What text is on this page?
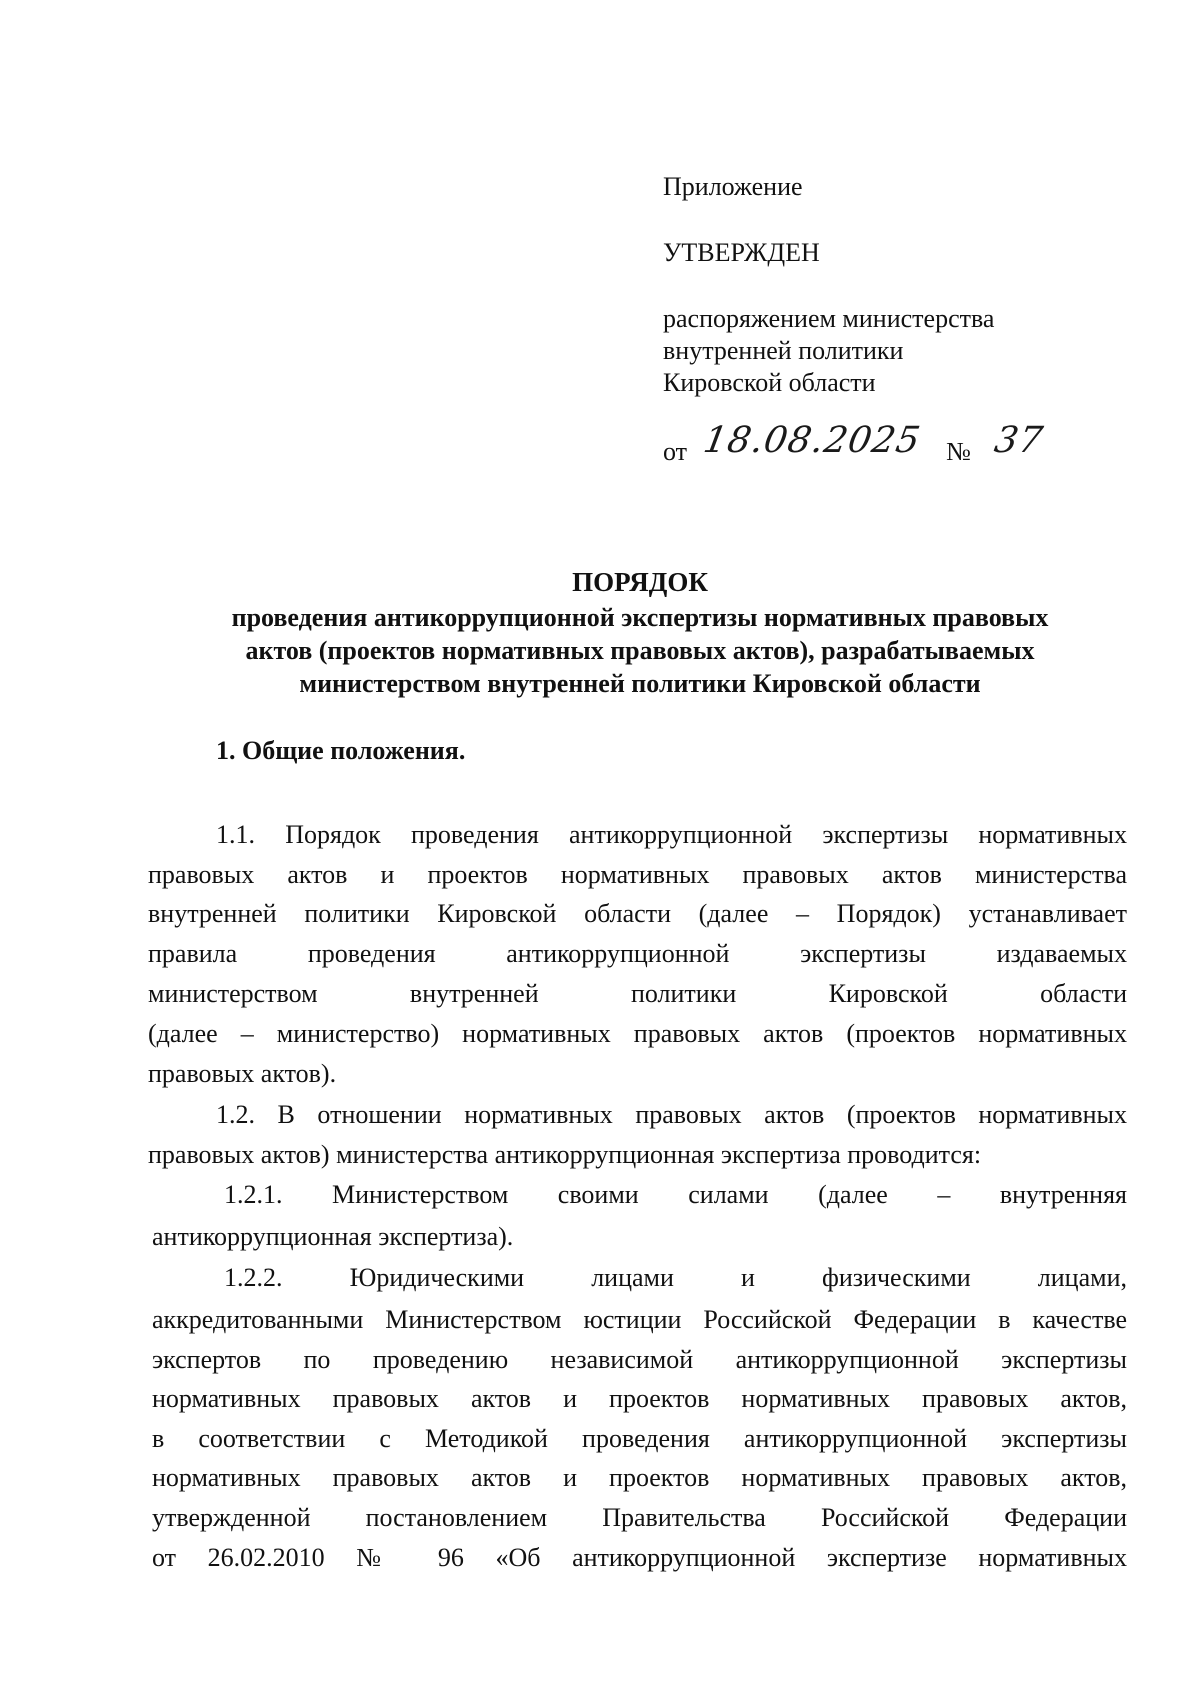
Приложение
УТВЕРЖДЕН
распоряжением министерства
внутренней политики
Кировской области
от 18.08.2025 № 37
ПОРЯДОК
проведения антикоррупционной экспертизы нормативных правовых
актов (проектов нормативных правовых актов), разрабатываемых
министерством внутренней политики Кировской области
1. Общие положения.
1.1. Порядок проведения антикоррупционной экспертизы нормативных
правовых актов и проектов нормативных правовых актов министерства
внутренней политики Кировской области (далее – Порядок) устанавливает
правила проведения антикоррупционной экспертизы издаваемых
министерством внутренней политики Кировской области
(далее – министерство) нормативных правовых актов (проектов нормативных
правовых актов).
1.2. В отношении нормативных правовых актов (проектов нормативных
правовых актов) министерства антикоррупционная экспертиза проводится:
1.2.1. Министерством своими силами (далее – внутренняя
антикоррупционная экспертиза).
1.2.2. Юридическими лицами и физическими лицами,
аккредитованными Министерством юстиции Российской Федерации в качестве
экспертов по проведению независимой антикоррупционной экспертизы
нормативных правовых актов и проектов нормативных правовых актов,
в соответствии с Методикой проведения антикоррупционной экспертизы
нормативных правовых актов и проектов нормативных правовых актов,
утвержденной постановлением Правительства Российской Федерации
от 26.02.2010 № 96 «Об антикоррупционной экспертизе нормативных
